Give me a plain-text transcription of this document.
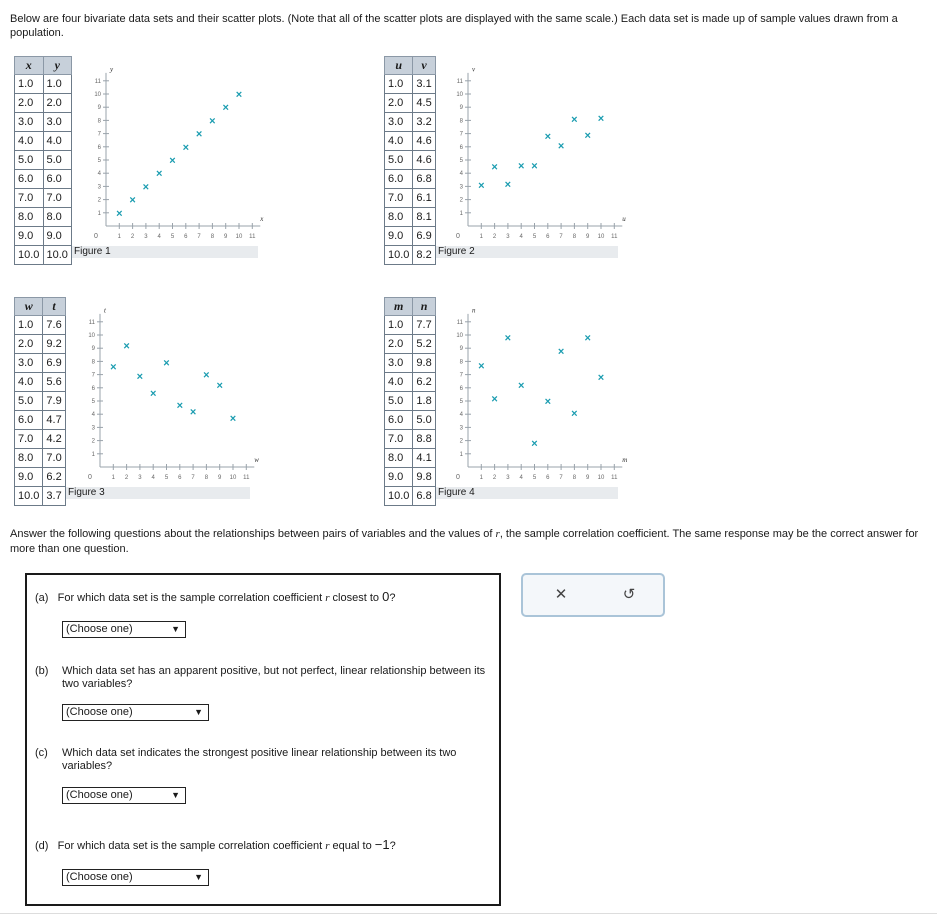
Below are four bivariate data sets and their scatter plots. (Note that all of the scatter plots are displayed with the same scale.) Each data set is made up of sample values drawn from a population.
x	y
1.0	1.0
2.0	2.0
3.0	3.0
4.0	4.0
5.0	5.0
6.0	6.0
7.0	7.0
8.0	8.0
9.0	9.0
10.0	10.0
1
1
2
2
3
3
4
4
5
5
6
6
7
7
8
8
9
9
10
10
11
11
0
x
y
×
×
×
×
×
×
×
×
×
×
Figure 1
u	v
1.0	3.1
2.0	4.5
3.0	3.2
4.0	4.6
5.0	4.6
6.0	6.8
7.0	6.1
8.0	8.1
9.0	6.9
10.0	8.2
1
1
2
2
3
3
4
4
5
5
6
6
7
7
8
8
9
9
10
10
11
11
0
u
v
×
×
×
× ×
×
×
×
×
×
Figure 2
w	t
1.0	7.6
2.0	9.2
3.0	6.9
4.0	5.6
5.0	7.9
6.0	4.7
7.0	4.2
8.0	7.0
9.0	6.2
10.0	3.7
1
1
2
2
3
3
4
4
5
5
6
6
7
7
8
8
9
9
10
10
11
11
0
w
t
×
×
×
×
×
×
×
×
×
×
Figure 3
m	n
1.0	7.7
2.0	5.2
3.0	9.8
4.0	6.2
5.0	1.8
6.0	5.0
7.0	8.8
8.0	4.1
9.0	9.8
10.0	6.8
1
1
2
2
3
3
4
4
5
5
6
6
7
7
8
8
9
9
10
10
11
11
0
m
n
×
×
×
×
×
×
×
×
×
×
Figure 4
Answer the following questions about the relationships between pairs of variables and the values of r, the sample correlation coefficient. The same response may be the correct answer for more than one question.
(a) For which data set is the sample correlation coefficient r closest to 0?
(Choose one)	▼
(b)	Which data set has an apparent positive, but not perfect, linear relationship between its two variables?
(Choose one)	▼
(c)	Which data set indicates the strongest positive linear relationship between its two variables?
(Choose one)	▼
(d) For which data set is the sample correlation coefficient r equal to −1?
(Choose one)	▼
✕	↺
